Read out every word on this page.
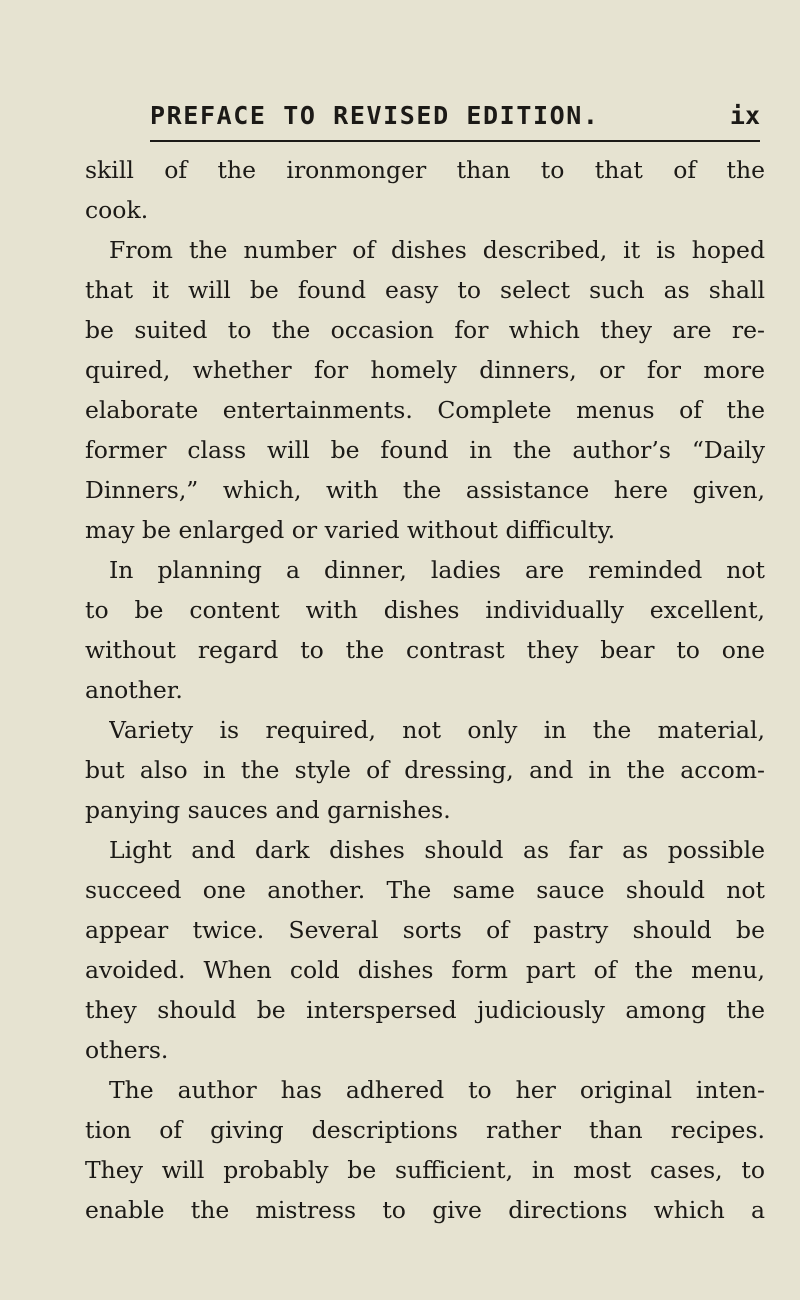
PREFACE TO REVISED EDITION.	ix
skill of the ironmonger than to that of the
cook.
From the number of dishes described, it is hoped
that it will be found easy to select such as shall
be suited to the occasion for which they are re-
quired, whether for homely dinners, or for more
elaborate entertainments. Complete menus of the
former class will be found in the author’s “Daily
Dinners,” which, with the assistance here given,
may be enlarged or varied without difficulty.
In planning a dinner, ladies are reminded not
to be content with dishes individually excellent,
without regard to the contrast they bear to one
another.
Variety is required, not only in the material,
but also in the style of dressing, and in the accom-
panying sauces and garnishes.
Light and dark dishes should as far as possible
succeed one another. The same sauce should not
appear twice. Several sorts of pastry should be
avoided. When cold dishes form part of the menu,
they should be interspersed judiciously among the
others.
The author has adhered to her original inten-
tion of giving descriptions rather than recipes.
They will probably be sufficient, in most cases, to
enable the mistress to give directions which a
